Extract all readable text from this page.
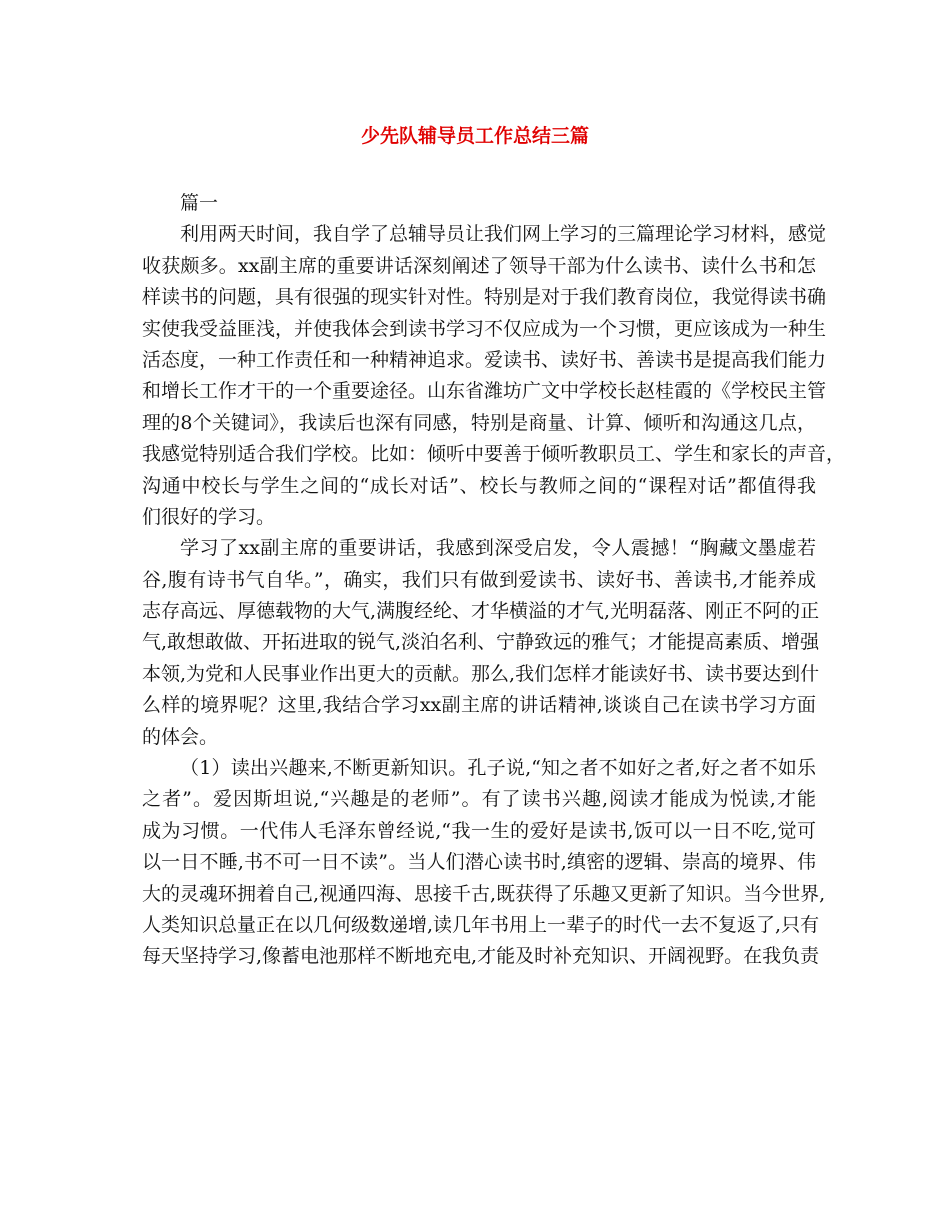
少先队辅导员工作总结三篇

篇一

利用两天时间，我自学了总辅导员让我们网上学习的三篇理论学习材料，感觉
收获颇多。xx副主席的重要讲话深刻阐述了领导干部为什么读书、读什么书和怎
样读书的问题，具有很强的现实针对性。特别是对于我们教育岗位，我觉得读书确
实使我受益匪浅，并使我体会到读书学习不仅应成为一个习惯，更应该成为一种生
活态度，一种工作责任和一种精神追求。爱读书、读好书、善读书是提高我们能力
和增长工作才干的一个重要途径。山东省潍坊广文中学校长赵桂霞的《学校民主管
理的8个关键词》，我读后也深有同感，特别是商量、计算、倾听和沟通这几点，
我感觉特别适合我们学校。比如：倾听中要善于倾听教职员工、学生和家长的声音，
沟通中校长与学生之间的“成长对话”、校长与教师之间的“课程对话”都值得我
们很好的学习。

学习了xx副主席的重要讲话，我感到深受启发，令人震撼！“胸藏文墨虚若
谷,腹有诗书气自华。”，确实，我们只有做到爱读书、读好书、善读书,才能养成
志存高远、厚德载物的大气,满腹经纶、才华横溢的才气,光明磊落、刚正不阿的正
气,敢想敢做、开拓进取的锐气,淡泊名利、宁静致远的雅气；才能提高素质、增强
本领,为党和人民事业作出更大的贡献。那么,我们怎样才能读好书、读书要达到什
么样的境界呢？这里,我结合学习xx副主席的讲话精神,谈谈自己在读书学习方面
的体会。

（1）读出兴趣来,不断更新知识。孔子说,“知之者不如好之者,好之者不如乐
之者”。爱因斯坦说,“兴趣是的老师”。有了读书兴趣,阅读才能成为悦读,才能
成为习惯。一代伟人毛泽东曾经说,“我一生的爱好是读书,饭可以一日不吃,觉可
以一日不睡,书不可一日不读”。当人们潜心读书时,缜密的逻辑、崇高的境界、伟
大的灵魂环拥着自己,视通四海、思接千古,既获得了乐趣又更新了知识。当今世界,
人类知识总量正在以几何级数递增,读几年书用上一辈子的时代一去不复返了,只有
每天坚持学习,像蓄电池那样不断地充电,才能及时补充知识、开阔视野。在我负责
